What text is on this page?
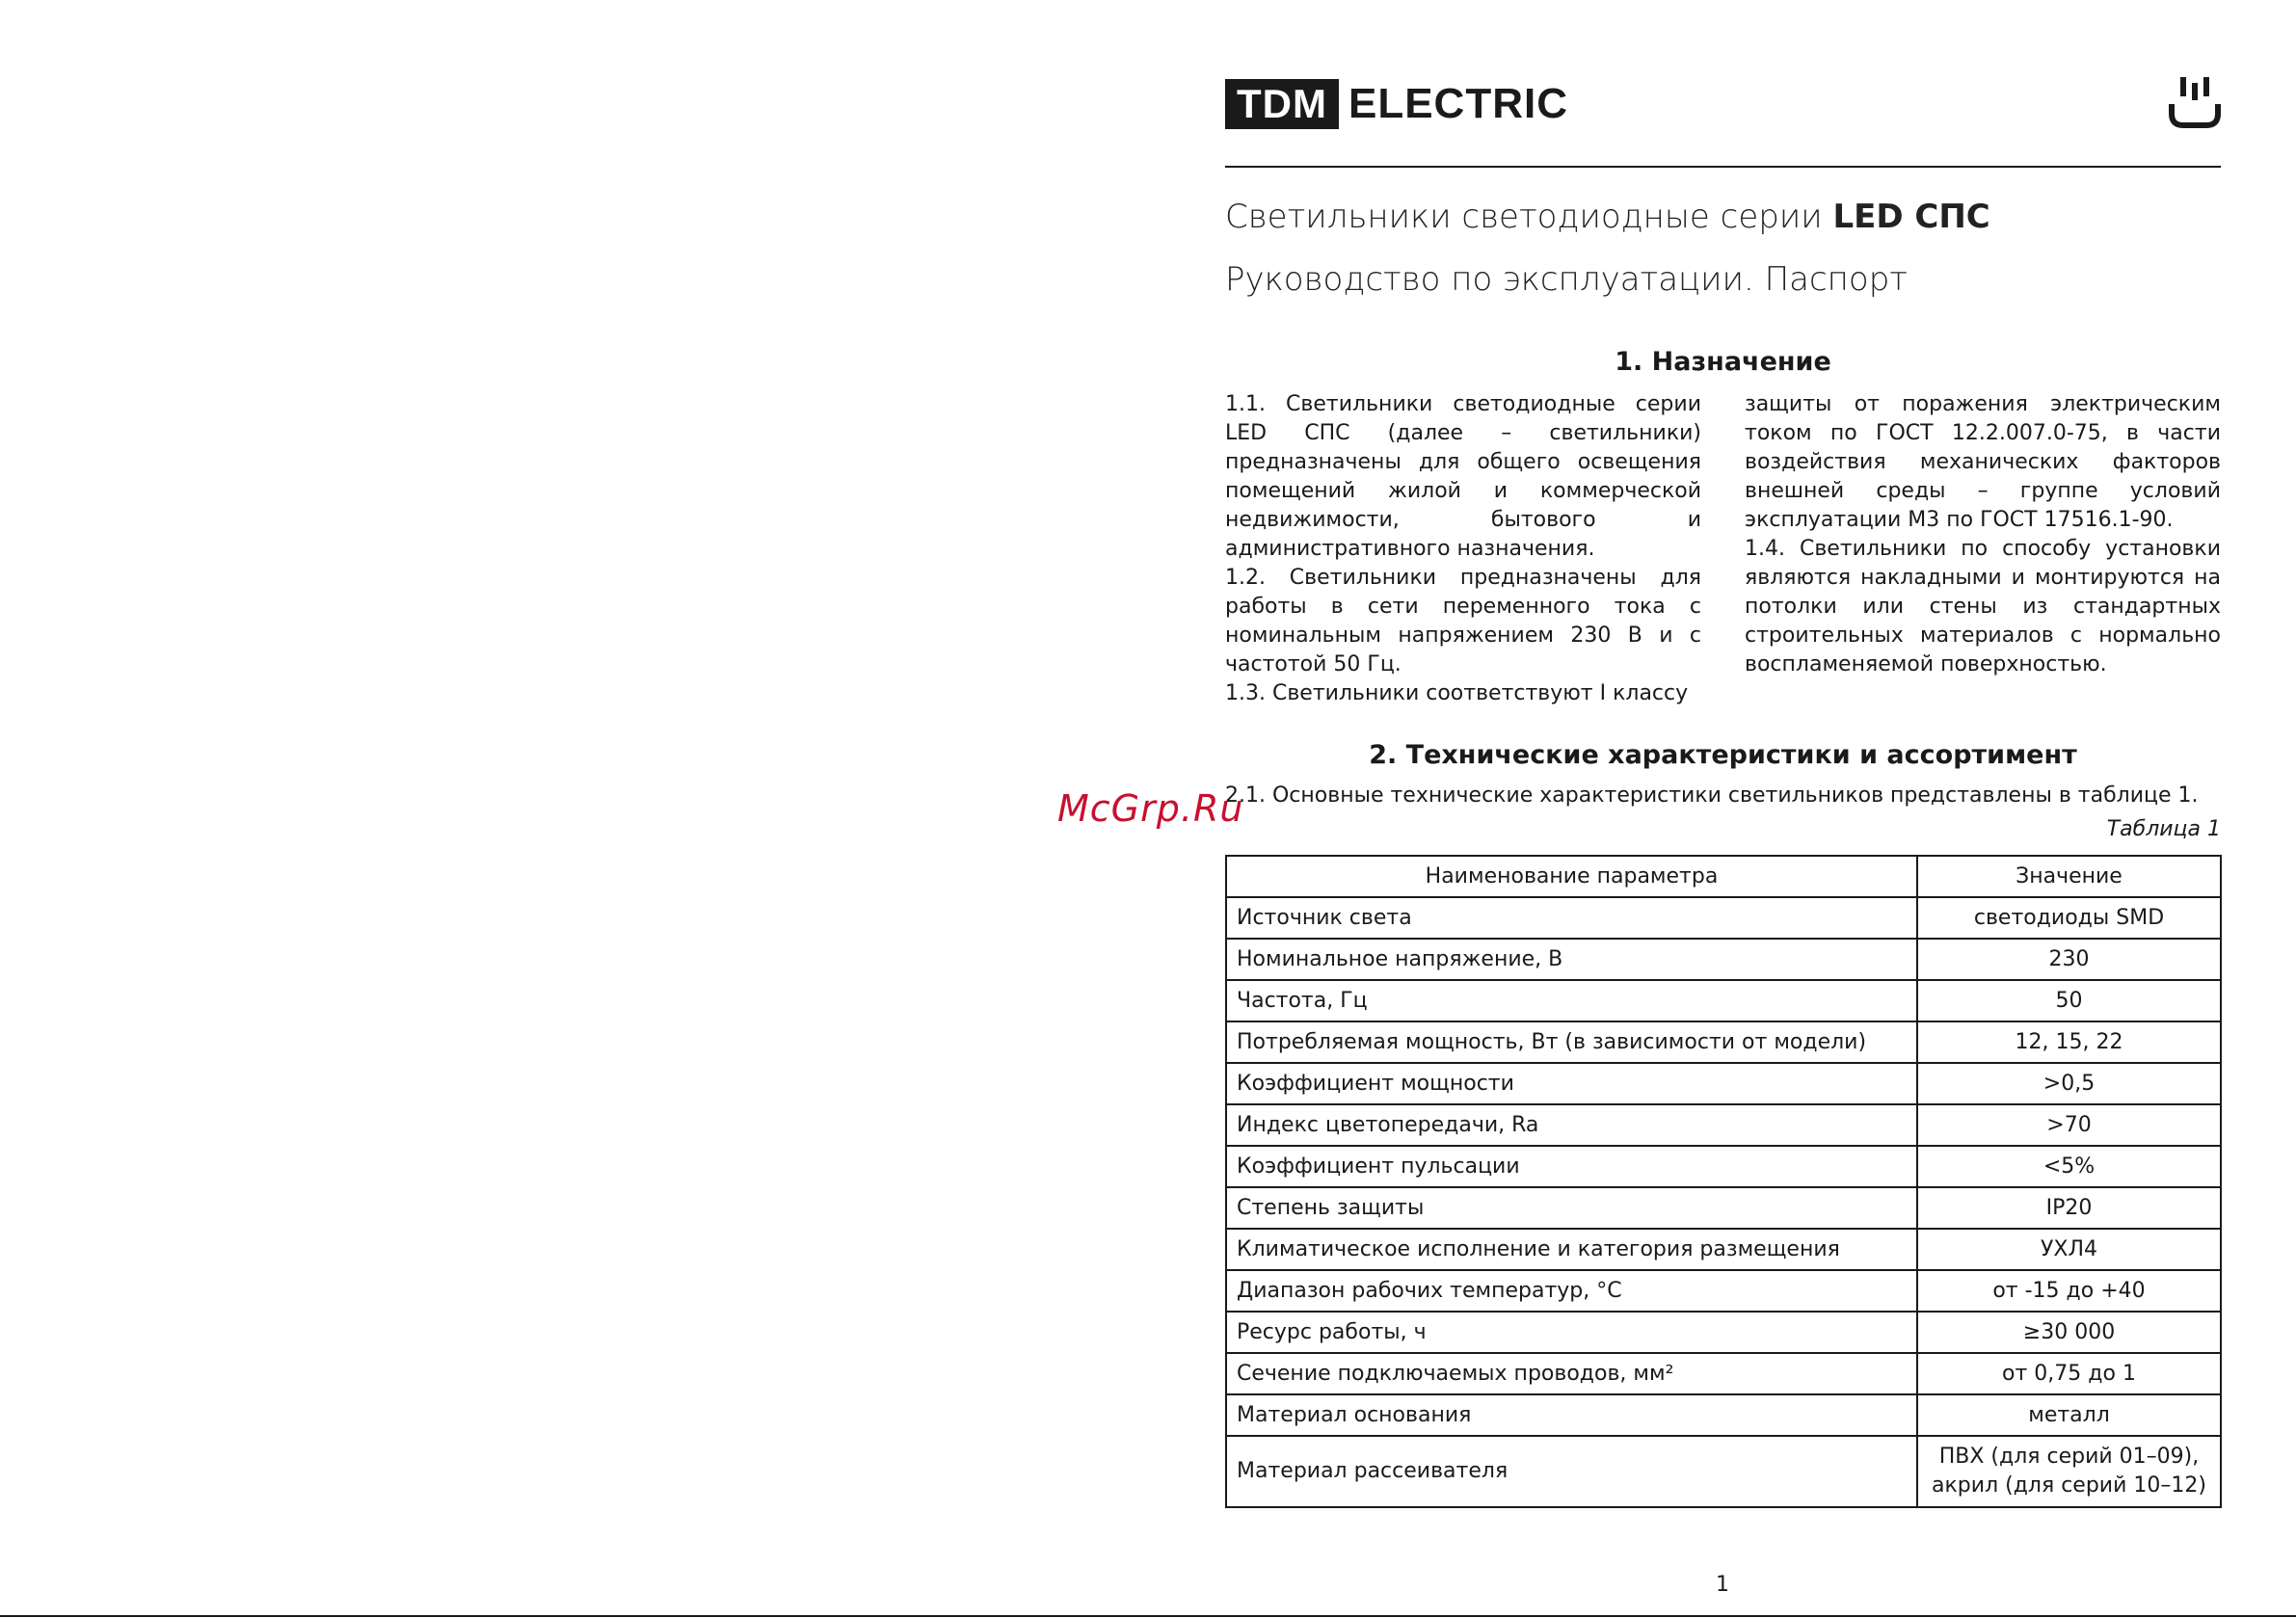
TDM ELECTRIC
Светильники светодиодные серии LED СПС
Руководство по эксплуатации. Паспорт
1. Назначение

1.1. Светильники светодиодные серии LED СПС (далее – светильники) предназначены для общего освещения помещений жилой и коммерческой недвижимости, бытового и административного назначения.

1.2. Светильники предназначены для работы в сети переменного тока с номинальным напряжением 230 В и с частотой 50 Гц.

1.3. Светильники соответствуют I классу

защиты от поражения электрическим током по ГОСТ 12.2.007.0-75, в части воздействия механических факторов внешней среды – группе условий эксплуатации М3 по ГОСТ 17516.1-90.

1.4. Светильники по способу установки являются накладными и монтируются на потолки или стены из стандартных строительных материалов с нормально воспламеняемой поверхностью.

2. Технические характеристики и ассортимент
2.1. Основные технические характеристики светильников представлены в таблице 1.
Таблица 1
Наименование параметра	Значение
Источник света	светодиоды SMD
Номинальное напряжение, В	230
Частота, Гц	50
Потребляемая мощность, Вт (в зависимости от модели)	12, 15, 22
Коэффициент мощности	>0,5
Индекс цветопередачи, Ra	>70
Коэффициент пульсации	<5%
Степень защиты	IP20
Климатическое исполнение и категория размещения	УХЛ4
Диапазон рабочих температур, °С	от -15 до +40
Ресурс работы, ч	≥30 000
Сечение подключаемых проводов, мм²	от 0,75 до 1
Материал основания	металл
Материал рассеивателя	ПВХ (для серий 01–09),
акрил (для серий 10–12)
McGrp.Ru
1
